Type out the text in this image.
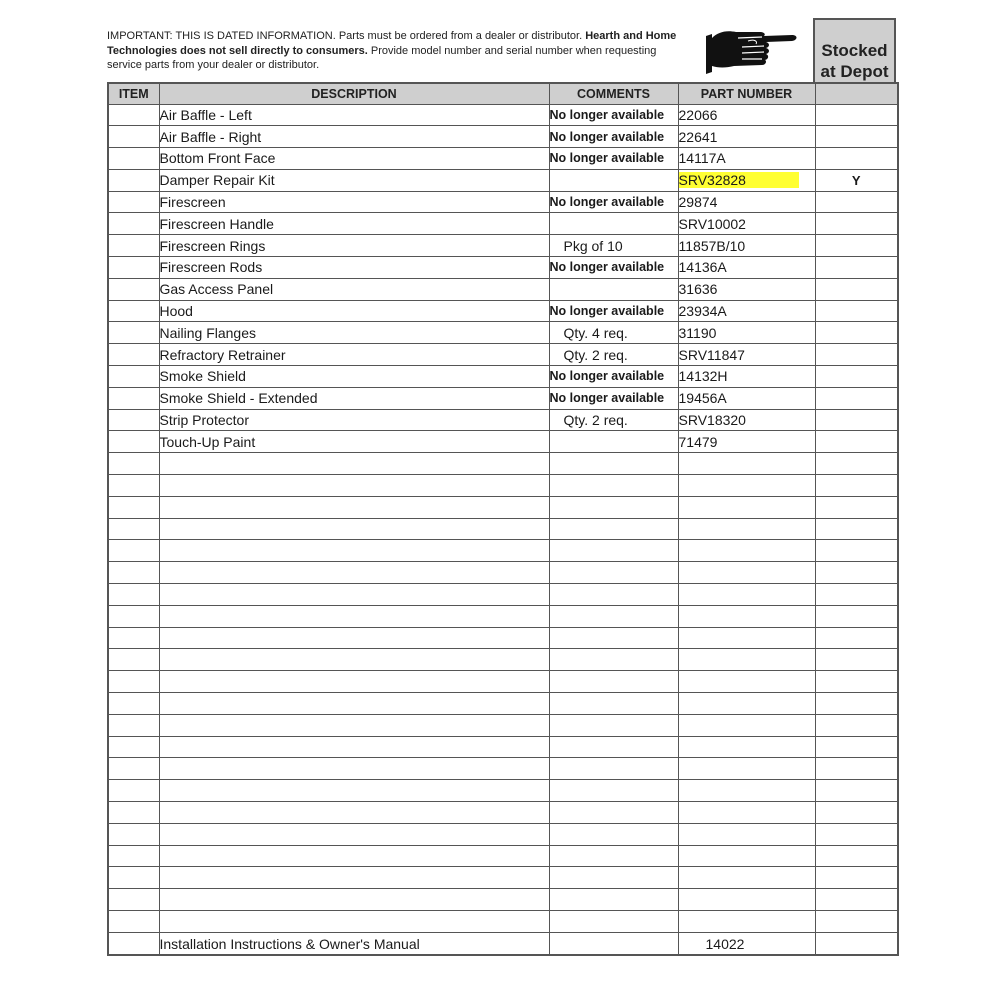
IMPORTANT: THIS IS DATED INFORMATION. Parts must be ordered from a dealer or distributor. Hearth and Home Technologies does not sell directly to consumers. Provide model number and serial number when requesting service parts from your dealer or distributor.
Stocked at Depot
ITEM	DESCRIPTION	COMMENTS	PART NUMBER	
	Air Baffle - Left	No longer available	22066	
	Air Baffle - Right	No longer available	22641	
	Bottom Front Face	No longer available	14117A	
	Damper Repair Kit		SRV32828	Y
	Firescreen	No longer available	29874	
	Firescreen Handle		SRV10002	
	Firescreen Rings	Pkg of 10	11857B/10	
	Firescreen Rods	No longer available	14136A	
	Gas Access Panel		31636	
	Hood	No longer available	23934A	
	Nailing Flanges	Qty. 4 req.	31190	
	Refractory Retrainer	Qty. 2 req.	SRV11847	
	Smoke Shield	No longer available	14132H	
	Smoke Shield - Extended	No longer available	19456A	
	Strip Protector	Qty. 2 req.	SRV18320	
	Touch-Up Paint		71479	

	Installation Instructions & Owner's Manual		14022	
